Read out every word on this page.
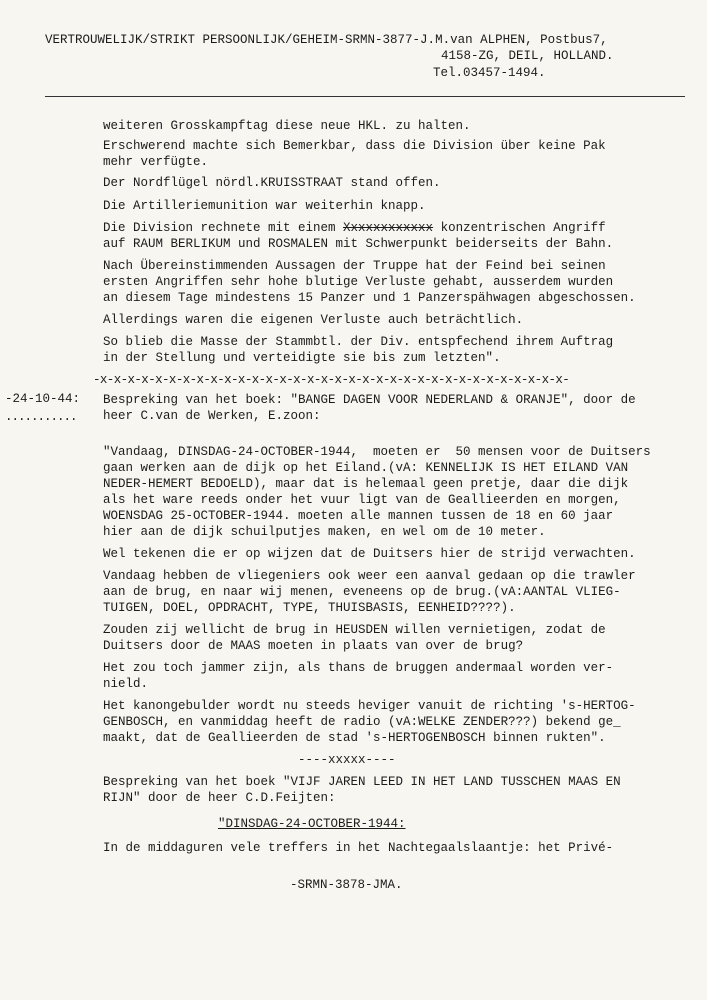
VERTROUWELIJK/STRIKT PERSOONLIJK/GEHEIM-SRMN-3877-J.M.van ALPHEN, Postbus7,
4158-ZG, DEIL, HOLLAND.
Tel.03457-1494.
weiteren Grosskampftag diese neue HKL. zu halten.
Erschwerend machte sich Bemerkbar, dass die Division über keine Pak
mehr verfügte.
Der Nordflügel nördl.KRUISSTRAAT stand offen.
Die Artilleriemunition war weiterhin knapp.
Die Division rechnete mit einem Xxxxxxxxxxxx konzentrischen Angriff
auf RAUM BERLIKUM und ROSMALEN mit Schwerpunkt beiderseits der Bahn.
Nach Übereinstimmenden Aussagen der Truppe hat der Feind bei seinen
ersten Angriffen sehr hohe blutige Verluste gehabt, ausserdem wurden
an diesem Tage mindestens 15 Panzer und 1 Panzerspähwagen abgeschossen.
Allerdings waren die eigenen Verluste auch beträchtlich.
So blieb die Masse der Stammbtl. der Div. entspfechend ihrem Auftrag
in der Stellung und verteidigte sie bis zum letzten".
-x-x-x-x-x-x-x-x-x-x-x-x-x-x-x-x-x-x-x-x-x-x-x-x-x-x-x-x-x-x-x-x-x-x-
Bespreking van het boek: "BANGE DAGEN VOOR NEDERLAND & ORANJE", door de
heer C.van de Werken, E.zoon:
"Vandaag, DINSDAG-24-OCTOBER-1944,  moeten er  50 mensen voor de Duitsers
gaan werken aan de dijk op het Eiland.(vA: KENNELIJK IS HET EILAND VAN
NEDER-HEMERT BEDOELD), maar dat is helemaal geen pretje, daar die dijk
als het ware reeds onder het vuur ligt van de Geallieerden en morgen,
WOENSDAG 25-OCTOBER-1944. moeten alle mannen tussen de 18 en 60 jaar
hier aan de dijk schuilputjes maken, en wel om de 10 meter.
Wel tekenen die er op wijzen dat de Duitsers hier de strijd verwachten.
Vandaag hebben de vliegeniers ook weer een aanval gedaan op die trawler
aan de brug, en naar wij menen, eveneens op de brug.(vA:AANTAL VLIEG-
TUIGEN, DOEL, OPDRACHT, TYPE, THUISBASIS, EENHEID????).
Zouden zij wellicht de brug in HEUSDEN willen vernietigen, zodat de
Duitsers door de MAAS moeten in plaats van over de brug?
Het zou toch jammer zijn, als thans de bruggen andermaal worden ver-
nield.
Het kanongebulder wordt nu steeds heviger vanuit de richting 's-HERTOG-
GENBOSCH, en vanmiddag heeft de radio (vA:WELKE ZENDER???) bekend ge_
maakt, dat de Geallieerden de stad 's-HERTOGENBOSCH binnen rukten".
----xxxxx----
Bespreking van het boek "VIJF JAREN LEED IN HET LAND TUSSCHEN MAAS EN
RIJN" door de heer C.D.Feijten:
"DINSDAG-24-OCTOBER-1944:
In de middaguren vele treffers in het Nachtegaalslaantje: het Privé-
-24-10-44:
...........
-SRMN-3878-JMA.
